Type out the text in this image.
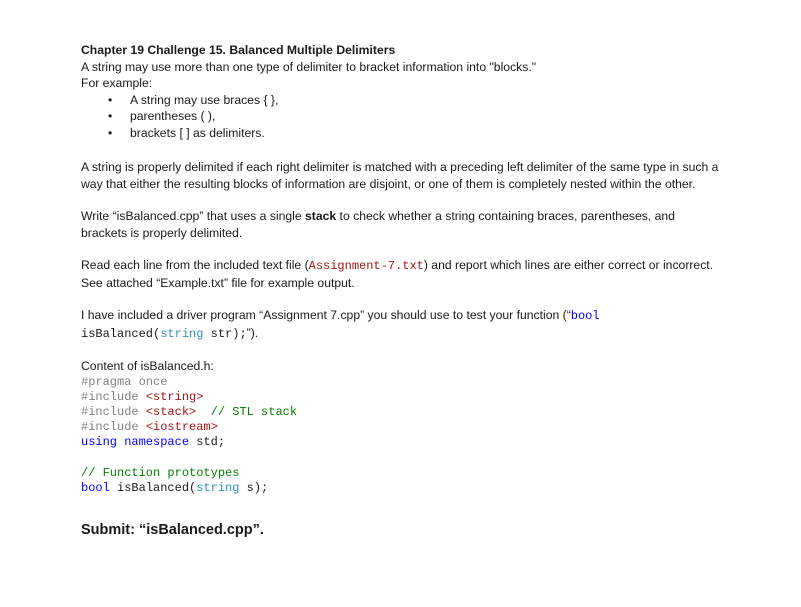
Chapter 19 Challenge 15. Balanced Multiple Delimiters
A string may use more than one type of delimiter to bracket information into "blocks."
For example:
• A string may use braces { },
• parentheses ( ),
• brackets [ ] as delimiters.
A string is properly delimited if each right delimiter is matched with a preceding left delimiter of the same type in such a way that either the resulting blocks of information are disjoint, or one of them is completely nested within the other.
Write “isBalanced.cpp” that uses a single stack to check whether a string containing braces, parentheses, and brackets is properly delimited.
Read each line from the included text file (Assignment-7.txt) and report which lines are either correct or incorrect. See attached “Example.txt” file for example output.
I have included a driver program “Assignment 7.cpp” you should use to test your function (“bool
isBalanced(string str);”).
Content of isBalanced.h:
#pragma once
#include <string>
#include <stack>  // STL stack
#include <iostream>
using namespace std;
// Function prototypes
bool isBalanced(string s);
Submit: “isBalanced.cpp”.
